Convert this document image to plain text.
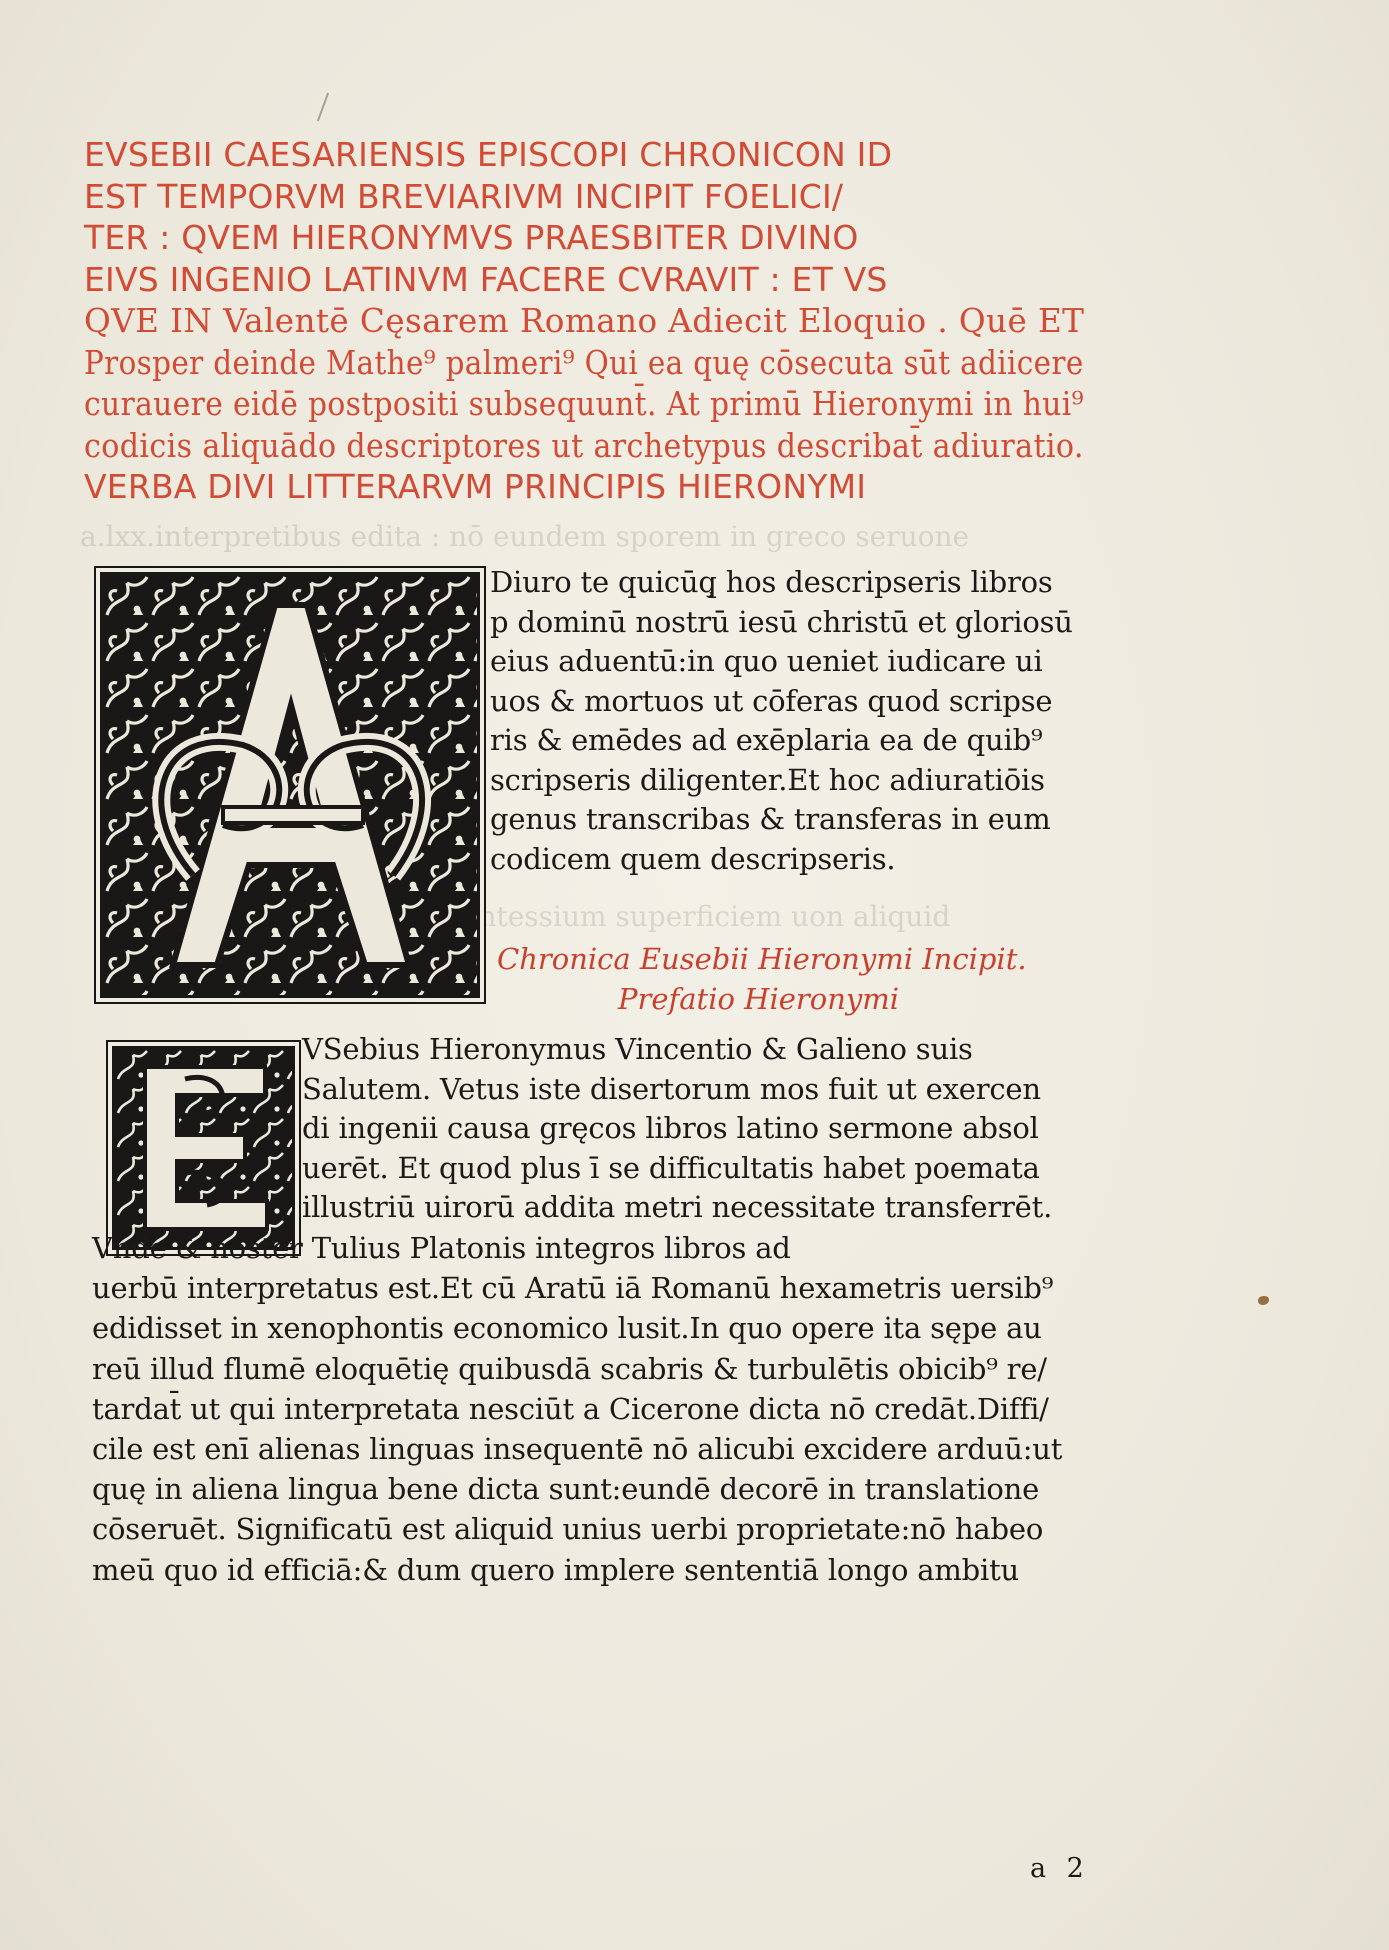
a.lxx.interpretibus edita : nō eundem sporem in greco seruone
breo uelicentessium superficiem uon aliquid
EVSEBII CAESARIENSIS EPISCOPI CHRONICON ID
EST TEMPORVM BREVIARIVM INCIPIT FOELICI/
TER : QVEM HIERONYMVS PRAESBITER DIVINO
EIVS INGENIO LATINVM FACERE CVRAVIT : ET VS
QVE IN Valentē Cęsarem Romano Adiecit Eloquio . Quē ET
Prosper deinde Mathe⁹ palmeri⁹ Qui ea quę cōsecuta sūt adiicere
curauere eidē postpositi subsequunt̄. At primū Hieronymi in hui⁹
codicis aliquādo descriptores ut archetypus describat̄ adiuratio.
VERBA DIVI LITTERARVM PRINCIPIS HIERONYMI
Diuro te quicūq̧ hos descripseris libros
p dominū nostrū iesū christū et gloriosū
eius aduentū:in quo ueniet iudicare ui
uos & mortuos ut cōferas quod scripse
ris & emēdes ad exēplaria ea de quib⁹
scripseris diligenter.Et hoc adiuratiōis
genus transcribas & transferas in eum
codicem quem descripseris.
Chronica Eusebii Hieronymi Incipit.
Prefatio Hieronymi
VSebius Hieronymus Vincentio & Galieno suis
Salutem. Vetus iste disertorum mos fuit ut exercen
di ingenii causa gręcos libros latino sermone absol
uerēt. Et quod plus ī se difficultatis habet poemata
illustriū uirorū addita metri necessitate transferrēt.
Vnde & noster Tulius Platonis integros libros ad
uerbū interpretatus est.Et cū Aratū iā Romanū hexametris uersib⁹
edidisset in xenophontis economico lusit.In quo opere ita sępe au
reū illud flumē eloquētię quibusdā scabris & turbulētis obicib⁹ re/
tardat̄ ut qui interpretata nesciūt a Cicerone dicta nō credāt.Diffi/
cile est enī alienas linguas insequentē nō alicubi excidere arduū:ut
quę in aliena lingua bene dicta sunt:eundē decorē in translatione
cōseruēt. Significatū est aliquid unius uerbi proprietate:nō habeo
meū quo id efficiā:& dum quero implere sententiā longo ambitu
a 2
